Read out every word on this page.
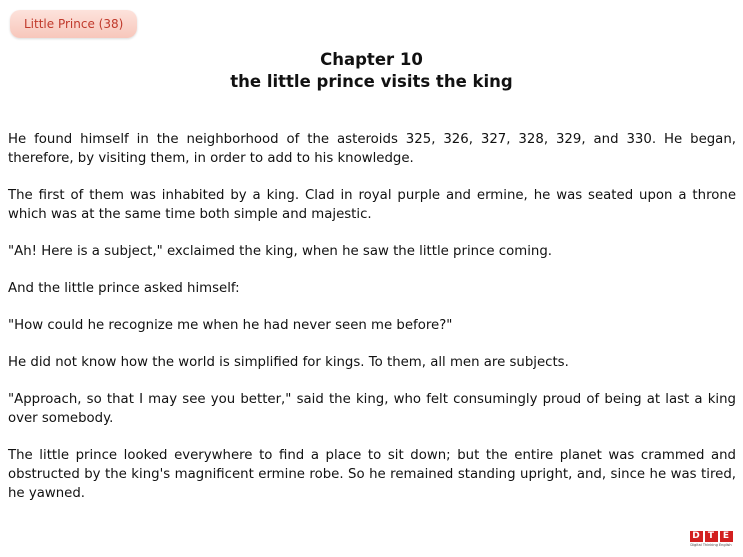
Little Prince (38)
Chapter 10
the little prince visits the king

He found himself in the neighborhood of the asteroids 325, 326, 327, 328, 329, and 330. He began, therefore, by visiting them, in order to add to his knowledge.

The first of them was inhabited by a king. Clad in royal purple and ermine, he was seated upon a throne which was at the same time both simple and majestic.

"Ah! Here is a subject," exclaimed the king, when he saw the little prince coming.

And the little prince asked himself:

"How could he recognize me when he had never seen me before?"

He did not know how the world is simplified for kings. To them, all men are subjects.

"Approach, so that I may see you better," said the king, who felt consumingly proud of being at last a king over somebody.

The little prince looked everywhere to find a place to sit down; but the entire planet was crammed and obstructed by the king's magnificent ermine robe. So he remained standing upright, and, since he was tired, he yawned.

D T E
Digital Thinking English
